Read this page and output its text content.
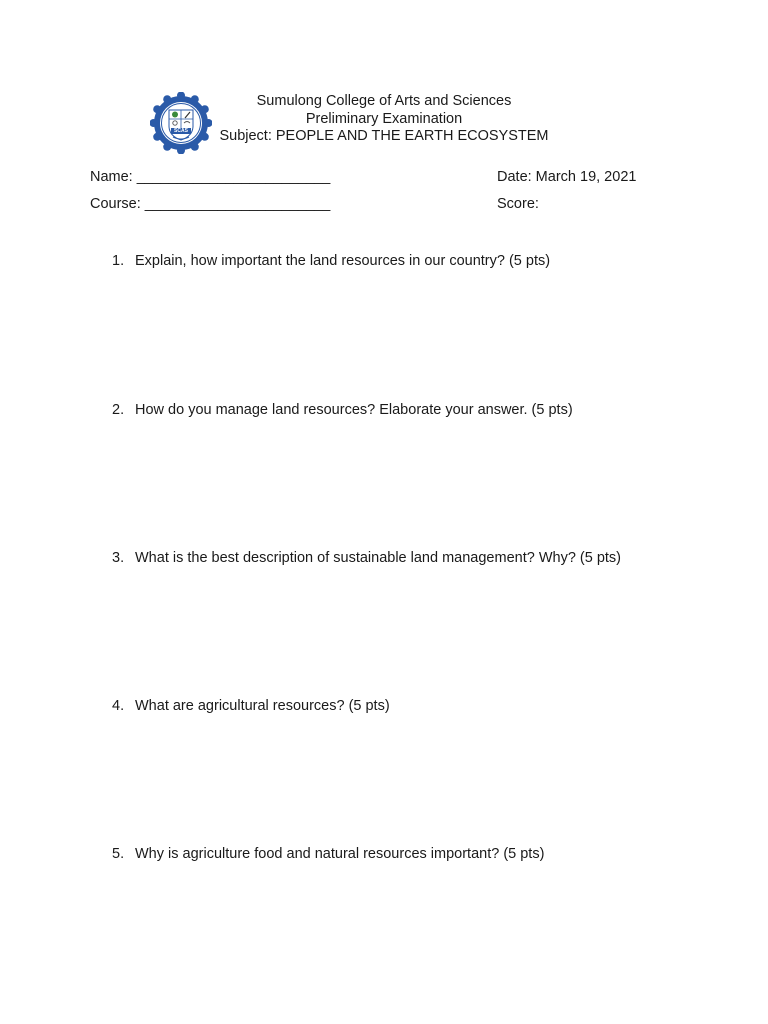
SCAS
Sumulong College of Arts and Sciences
Preliminary Examination
Subject: PEOPLE AND THE EARTH ECOSYSTEM
Name: ________________________
Course: _______________________
Date: March 19, 2021
Score:
1. Explain, how important the land resources in our country? (5 pts)
2. How do you manage land resources? Elaborate your answer. (5 pts)
3. What is the best description of sustainable land management? Why? (5 pts)
4. What are agricultural resources? (5 pts)
5. Why is agriculture food and natural resources important? (5 pts)
